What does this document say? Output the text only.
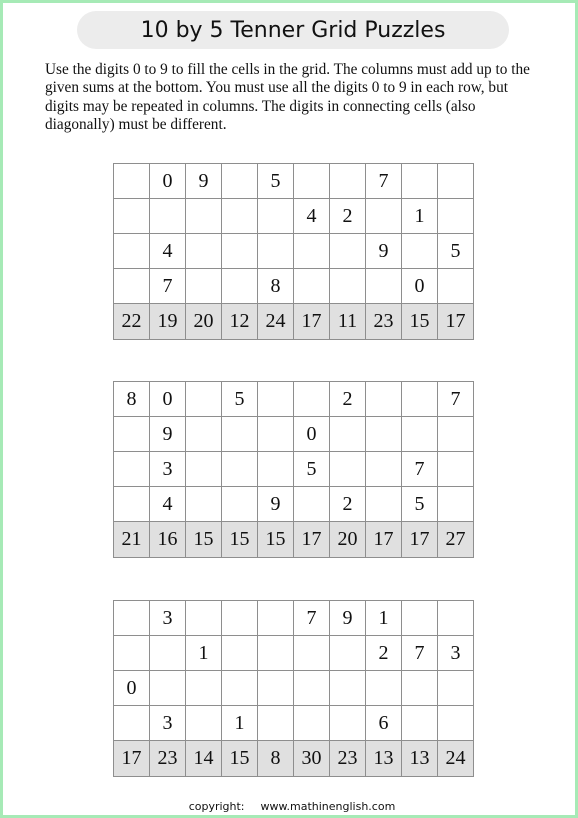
10 by 5 Tenner Grid Puzzles
Use the digits 0 to 9 to fill the cells in the grid. The columns must add up to the given sums at the bottom. You must use all the digits 0 to 9 in each row, but digits may be repeated in columns. The digits in connecting cells (also diagonally) must be different.
	0	9		5			7		
					4	2		1	
	4						9		5
	7			8				0	
22	19	20	12	24	17	11	23	15	17
8	0		5			2			7
	9				0				
	3				5			7	
	4			9		2		5	
21	16	15	15	15	17	20	17	17	27
	3				7	9	1		
		1					2	7	3
0									
	3		1				6		
17	23	14	15	8	30	23	13	13	24
copyright: www.mathinenglish.com
